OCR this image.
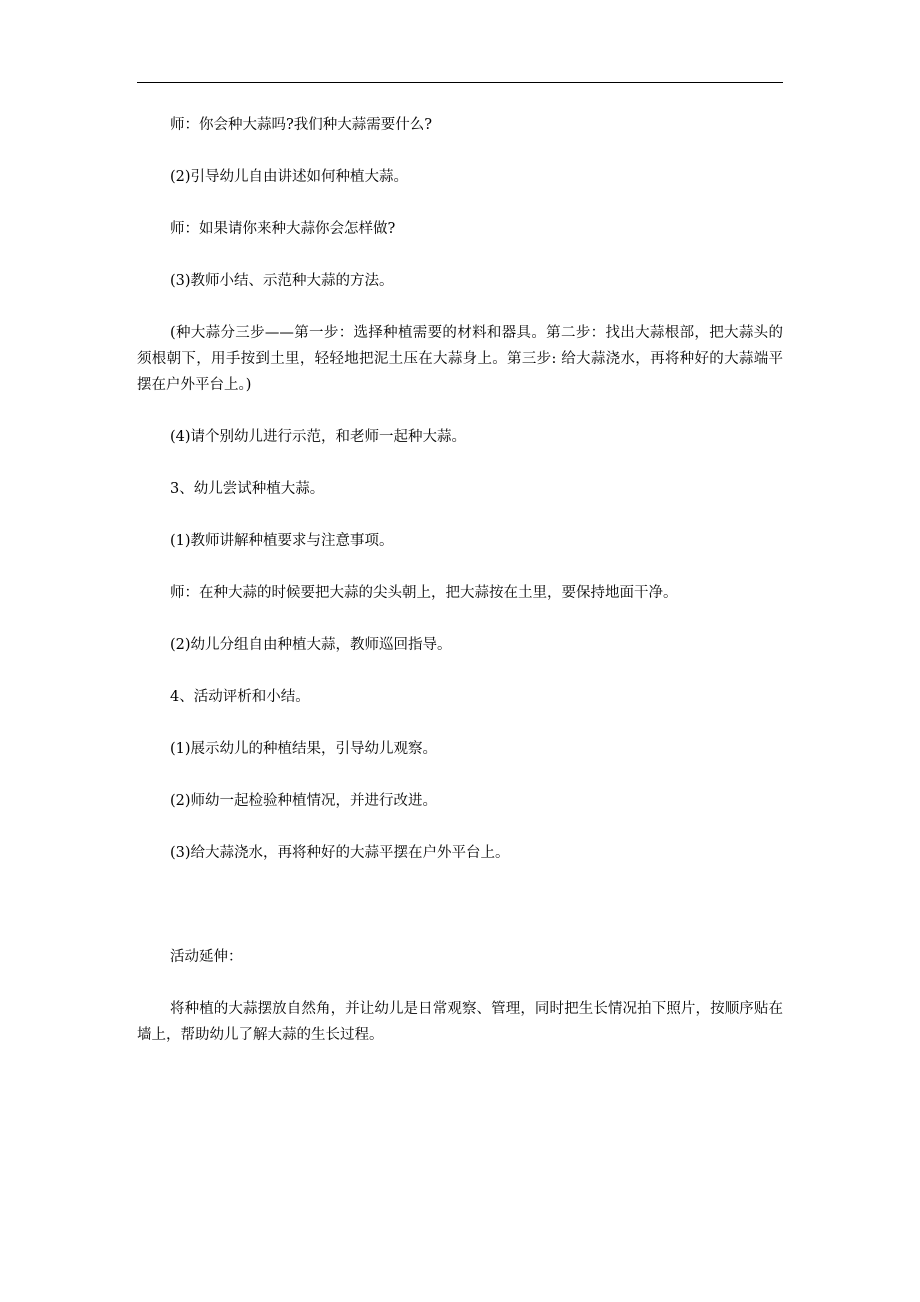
师：你会种大蒜吗?我们种大蒜需要什么?

(2)引导幼儿自由讲述如何种植大蒜。

师：如果请你来种大蒜你会怎样做?

(3)教师小结、示范种大蒜的方法。

(种大蒜分三步——第一步：选择种植需要的材料和器具。第二步：找出大蒜根部，把大蒜头的须根朝下，用手按到土里，轻轻地把泥土压在大蒜身上。第三步: 给大蒜浇水，再将种好的大蒜端平摆在户外平台上。)

(4)请个别幼儿进行示范，和老师一起种大蒜。

3、幼儿尝试种植大蒜。

(1)教师讲解种植要求与注意事项。

师：在种大蒜的时候要把大蒜的尖头朝上，把大蒜按在土里，要保持地面干净。

(2)幼儿分组自由种植大蒜，教师巡回指导。

4、活动评析和小结。

(1)展示幼儿的种植结果，引导幼儿观察。

(2)师幼一起检验种植情况，并进行改进。

(3)给大蒜浇水，再将种好的大蒜平摆在户外平台上。

活动延伸：

将种植的大蒜摆放自然角，并让幼儿是日常观察、管理，同时把生长情况拍下照片，按顺序贴在墙上，帮助幼儿了解大蒜的生长过程。
